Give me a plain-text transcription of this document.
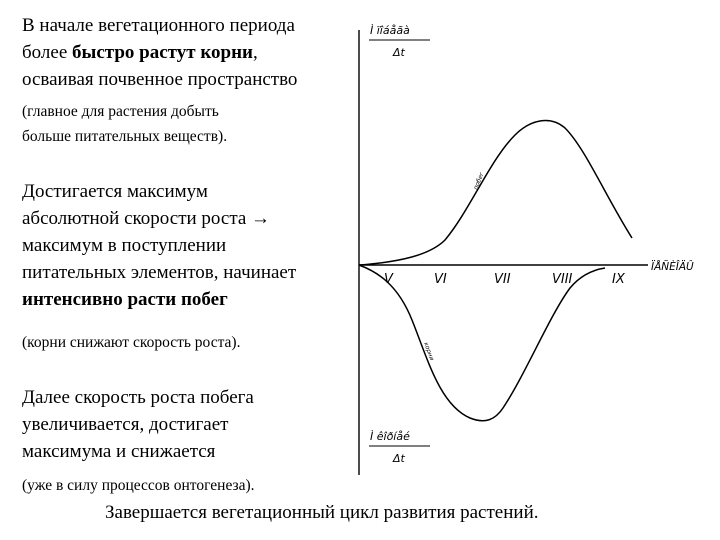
В начале вегетационного периода
более быстро растут корни,
осваивая почвенное пространство
(главное для растения добыть
больше питательных веществ).
Достигается максимум
абсолютной скорости роста →
максимум в поступлении
питательных элементов, начинает
интенсивно расти побег
(корни снижают скорость роста).
Далее скорость роста побега
увеличивается, достигает
максимума и снижается
(уже в силу процессов онтогенеза).
Завершается вегетационный цикл развития растений.
Ì ïîáåãà
Δt
Ì êîðíåé
Δt
ÏÅÑÈÎÄÛ
V	VI	VII	VIII	IX
побег
корни
